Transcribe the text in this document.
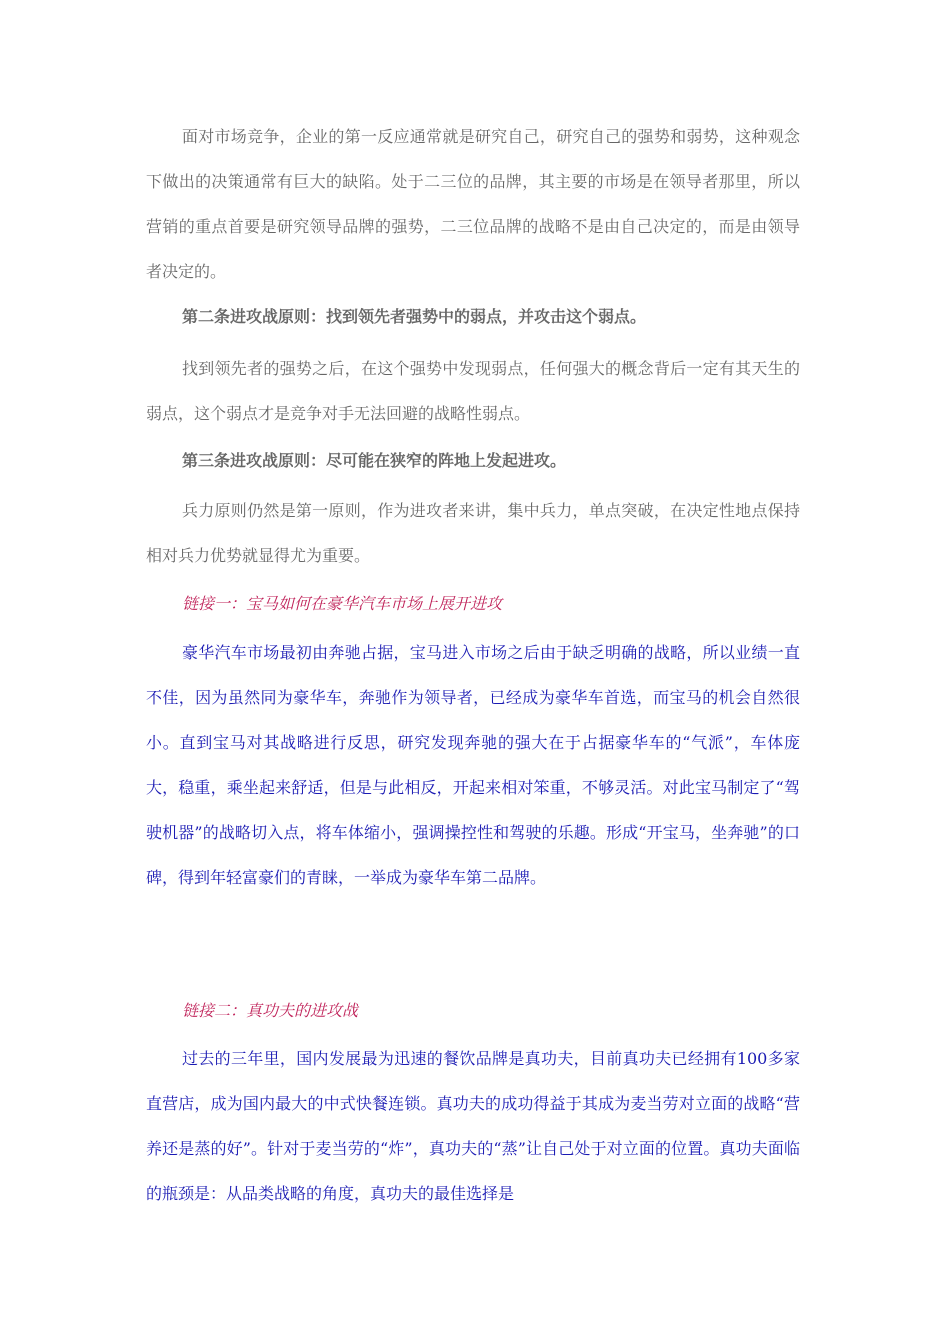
面对市场竞争，企业的第一反应通常就是研究自己，研究自己的强势和弱势，这种观念下做出的决策通常有巨大的缺陷。处于二三位的品牌，其主要的市场是在领导者那里，所以营销的重点首要是研究领导品牌的强势，二三位品牌的战略不是由自己决定的，而是由领导者决定的。

第二条进攻战原则：找到领先者强势中的弱点，并攻击这个弱点。

找到领先者的强势之后，在这个强势中发现弱点，任何强大的概念背后一定有其天生的弱点，这个弱点才是竞争对手无法回避的战略性弱点。

第三条进攻战原则：尽可能在狭窄的阵地上发起进攻。

兵力原则仍然是第一原则，作为进攻者来讲，集中兵力，单点突破，在决定性地点保持相对兵力优势就显得尤为重要。

链接一：宝马如何在豪华汽车市场上展开进攻

豪华汽车市场最初由奔驰占据，宝马进入市场之后由于缺乏明确的战略，所以业绩一直不佳，因为虽然同为豪华车，奔驰作为领导者，已经成为豪华车首选，而宝马的机会自然很小。直到宝马对其战略进行反思，研究发现奔驰的强大在于占据豪华车的“气派”，车体庞大，稳重，乘坐起来舒适，但是与此相反，开起来相对笨重，不够灵活。对此宝马制定了“驾驶机器”的战略切入点，将车体缩小，强调操控性和驾驶的乐趣。形成“开宝马，坐奔驰”的口碑，得到年轻富豪们的青睐，一举成为豪华车第二品牌。

链接二：真功夫的进攻战

过去的三年里，国内发展最为迅速的餐饮品牌是真功夫，目前真功夫已经拥有100多家直营店，成为国内最大的中式快餐连锁。真功夫的成功得益于其成为麦当劳对立面的战略“营养还是蒸的好”。针对于麦当劳的“炸”，真功夫的“蒸”让自己处于对立面的位置。真功夫面临的瓶颈是：从品类战略的角度，真功夫的最佳选择是
